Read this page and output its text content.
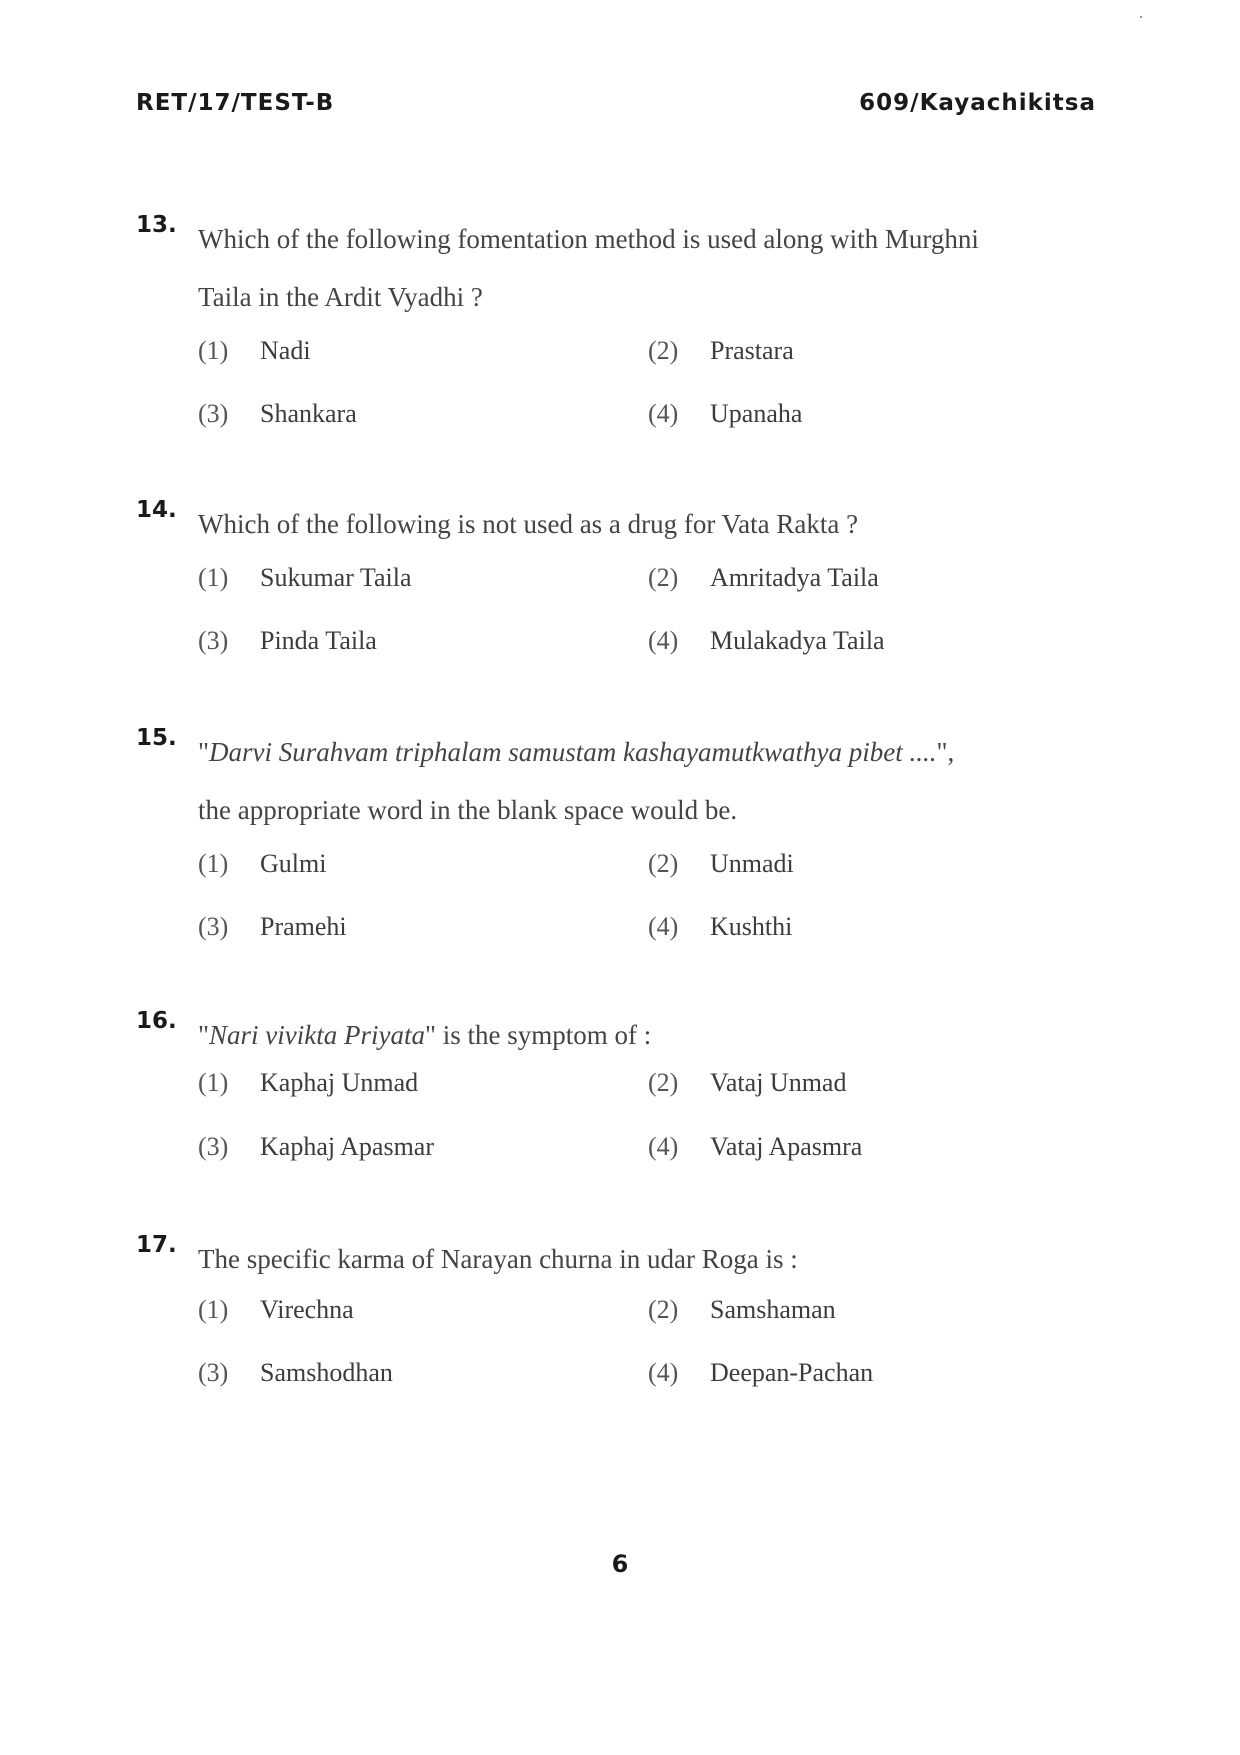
RET/17/TEST-B	609/Kayachikitsa
13. Which of the following fomentation method is used along with Murghni
Taila in the Ardit Vyadhi ?
(1) Nadi	(2) Prastara
(3) Shankara	(4) Upanaha
14. Which of the following is not used as a drug for Vata Rakta ?
(1) Sukumar Taila	(2) Amritadya Taila
(3) Pinda Taila	(4) Mulakadya Taila
15. "Darvi Surahvam triphalam samustam kashayamutkwathya pibet ....",
the appropriate word in the blank space would be.
(1) Gulmi	(2) Unmadi
(3) Pramehi	(4) Kushthi
16. "Nari vivikta Priyata" is the symptom of :
(1) Kaphaj Unmad	(2) Vataj Unmad
(3) Kaphaj Apasmar	(4) Vataj Apasmra
17. The specific karma of Narayan churna in udar Roga is :
(1) Virechna	(2) Samshaman
(3) Samshodhan	(4) Deepan-Pachan
6
